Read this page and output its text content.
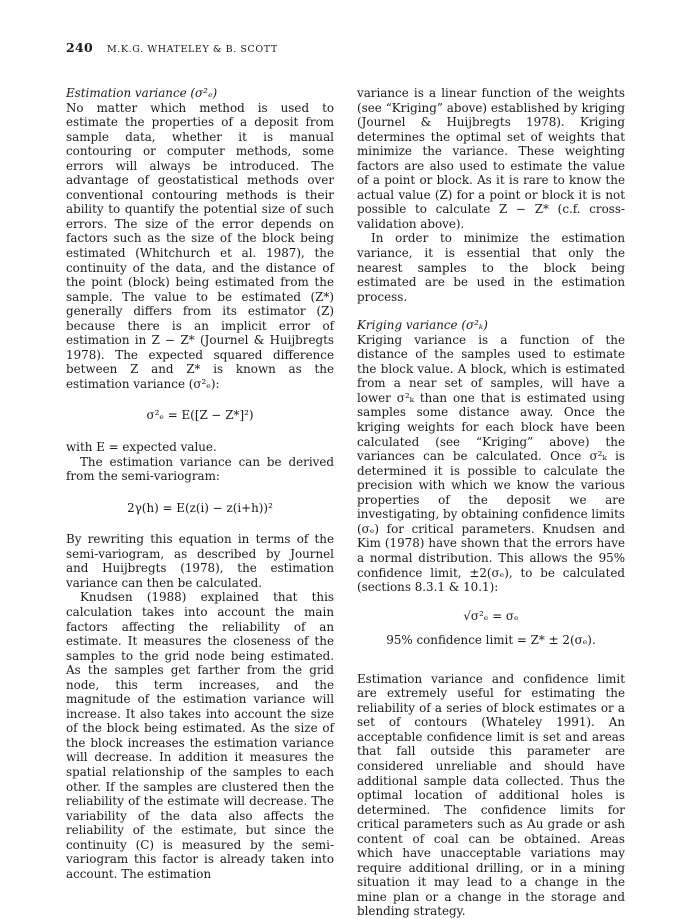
240 M.K.G. WHATELEY & B. SCOTT

Estimation variance (σ²ₑ)

No matter which method is used to estimate the properties of a deposit from sample data, whether it is manual contouring or computer methods, some errors will always be introduced. The advantage of geostatistical methods over conventional contouring methods is their ability to quantify the potential size of such errors. The size of the error depends on factors such as the size of the block being estimated (Whitchurch et al. 1987), the continuity of the data, and the distance of the point (block) being estimated from the sample. The value to be estimated (Z*) generally differs from its estimator (Z) because there is an implicit error of estimation in Z − Z* (Journel & Huijbregts 1978). The expected squared difference between Z and Z* is known as the estimation variance (σ²ₑ):

σ²ₑ = E([Z − Z*]²)

with E = expected value.

The estimation variance can be derived from the semi-variogram:

2γ(h) = E(z(i) − z(i+h))²

By rewriting this equation in terms of the semi-variogram, as described by Journel and Huijbregts (1978), the estimation variance can then be calculated.

Knudsen (1988) explained that this calculation takes into account the main factors affecting the reliability of an estimate. It measures the closeness of the samples to the grid node being estimated. As the samples get farther from the grid node, this term increases, and the magnitude of the estimation variance will increase. It also takes into account the size of the block being estimated. As the size of the block increases the estimation variance will decrease. In addition it measures the spatial relationship of the samples to each other. If the samples are clustered then the reliability of the estimate will decrease. The variability of the data also affects the reliability of the estimate, but since the continuity (C) is measured by the semi-variogram this factor is already taken into account. The estimation

variance is a linear function of the weights (see “Kriging” above) established by kriging (Journel & Huijbregts 1978). Kriging determines the optimal set of weights that minimize the variance. These weighting factors are also used to estimate the value of a point or block. As it is rare to know the actual value (Z) for a point or block it is not possible to calculate Z − Z* (c.f. cross-validation above).

In order to minimize the estimation variance, it is essential that only the nearest samples to the block being estimated are be used in the estimation process.

Kriging variance (σ²ₖ)

Kriging variance is a function of the distance of the samples used to estimate the block value. A block, which is estimated from a near set of samples, will have a lower σ²ₖ than one that is estimated using samples some distance away. Once the kriging weights for each block have been calculated (see “Kriging” above) the variances can be calculated. Once σ²ₖ is determined it is possible to calculate the precision with which we know the various properties of the deposit we are investigating, by obtaining confidence limits (σₑ) for critical parameters. Knudsen and Kim (1978) have shown that the errors have a normal distribution. This allows the 95% confidence limit, ±2(σₑ), to be calculated (sections 8.3.1 & 10.1):

√σ²ₑ = σₑ

95% confidence limit = Z* ± 2(σₑ).

Estimation variance and confidence limit are extremely useful for estimating the reliability of a series of block estimates or a set of contours (Whateley 1991). An acceptable confidence limit is set and areas that fall outside this parameter are considered unreliable and should have additional sample data collected. Thus the optimal location of additional holes is determined. The confidence limits for critical parameters such as Au grade or ash content of coal can be obtained. Areas which have unacceptable variations may require additional drilling, or in a mining situation it may lead to a change in the mine plan or a change in the storage and blending strategy.
